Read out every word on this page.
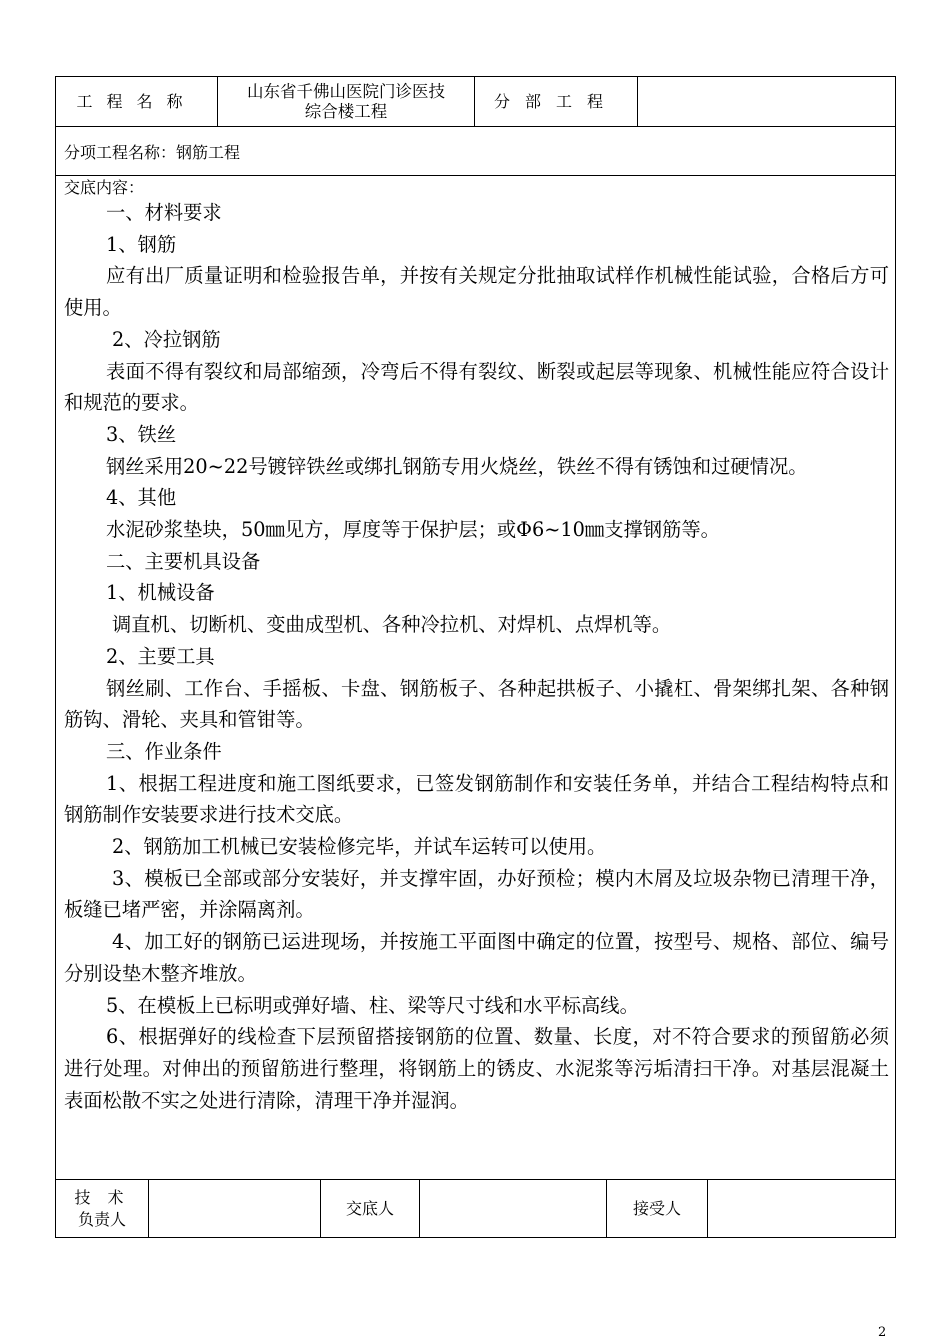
工程名称
山东省千佛山医院门诊医技
综合楼工程
分部工程
分项工程名称：钢筋工程
交底内容：

一、材料要求

1、钢筋

应有出厂质量证明和检验报告单，并按有关规定分批抽取试样作机械性能试验，合格后方可使用。

2、冷拉钢筋

表面不得有裂纹和局部缩颈，冷弯后不得有裂纹、断裂或起层等现象、机械性能应符合设计和规范的要求。

3、铁丝

钢丝采用20~22号镀锌铁丝或绑扎钢筋专用火烧丝，铁丝不得有锈蚀和过硬情况。

4、其他

水泥砂浆垫块，50㎜见方，厚度等于保护层；或Φ6~10㎜支撑钢筋等。

二、主要机具设备

1、机械设备

调直机、切断机、变曲成型机、各种冷拉机、对焊机、点焊机等。

2、主要工具

钢丝刷、工作台、手摇板、卡盘、钢筋板子、各种起拱板子、小撬杠、骨架绑扎架、各种钢筋钩、滑轮、夹具和管钳等。

三、作业条件

1、根据工程进度和施工图纸要求，已签发钢筋制作和安装任务单，并结合工程结构特点和钢筋制作安装要求进行技术交底。

2、钢筋加工机械已安装检修完毕，并试车运转可以使用。

3、模板已全部或部分安装好，并支撑牢固，办好预检；模内木屑及垃圾杂物已清理干净，板缝已堵严密，并涂隔离剂。

4、加工好的钢筋已运进现场，并按施工平面图中确定的位置，按型号、规格、部位、编号分别设垫木整齐堆放。

5、在模板上已标明或弹好墙、柱、梁等尺寸线和水平标高线。

6、根据弹好的线检查下层预留搭接钢筋的位置、数量、长度，对不符合要求的预留筋必须进行处理。对伸出的预留筋进行整理，将钢筋上的锈皮、水泥浆等污垢清扫干净。对基层混凝土表面松散不实之处进行清除，清理干净并湿润。

技 术
负责人
交底人	接受人
2
